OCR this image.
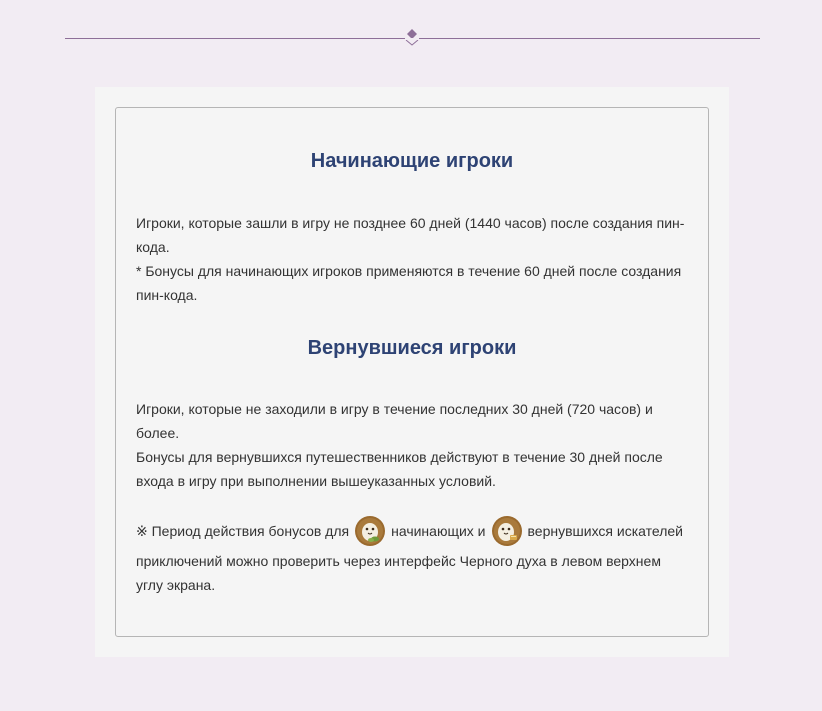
Начинающие игроки
Игроки, которые зашли в игру не позднее 60 дней (1440 часов) после создания пин-
кода.
* Бонусы для начинающих игроков применяются в течение 60 дней после создания
пин-кода.
Вернувшиеся игроки
Игроки, которые не заходили в игру в течение последних 30 дней (720 часов) и
более.
Бонусы для вернувшихся путешественников действуют в течение 30 дней после
входа в игру при выполнении вышеуказанных условий.
※ Период действия бонусов для	начинающих и	вернувшихся искателей
приключений можно проверить через интерфейс Черного духа в левом верхнем
углу экрана.
